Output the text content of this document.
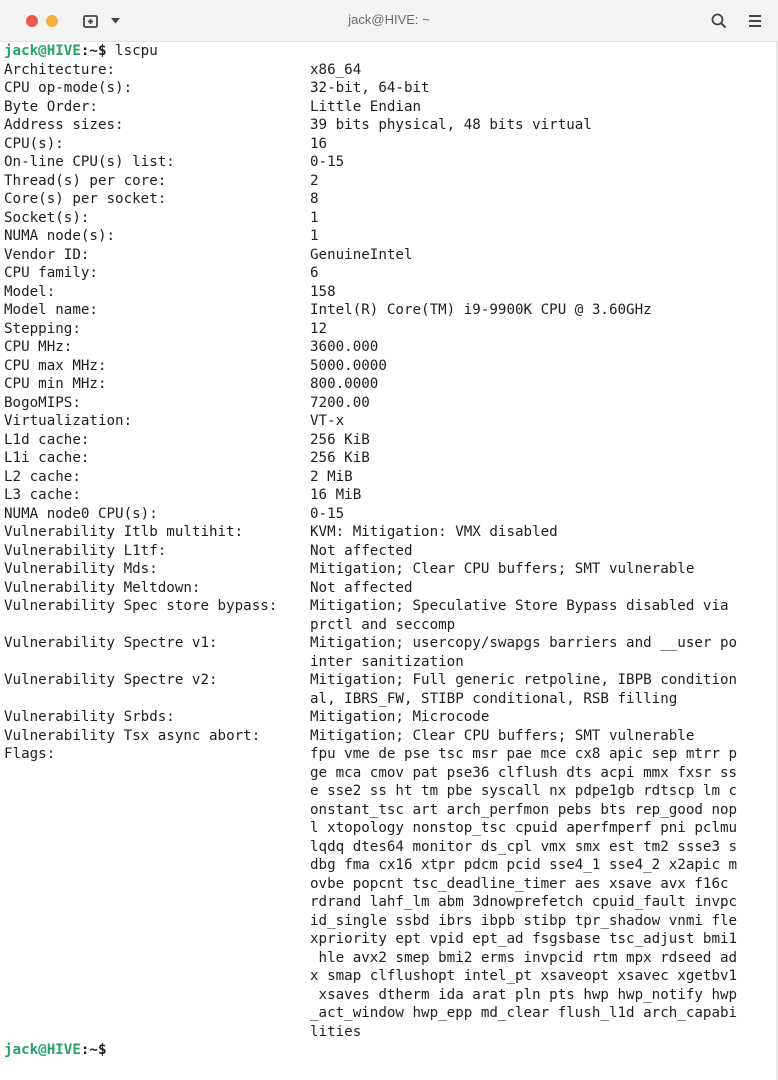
jack@HIVE: ~
jack@HIVE:~$ lscpu
Architecture:	x86_64
CPU op-mode(s):	32-bit, 64-bit
Byte Order:	Little Endian
Address sizes:	39 bits physical, 48 bits virtual
CPU(s):	16
On-line CPU(s) list:	0-15
Thread(s) per core:	2
Core(s) per socket:	8
Socket(s):	1
NUMA node(s):	1
Vendor ID:	GenuineIntel
CPU family:	6
Model:	158
Model name:	Intel(R) Core(TM) i9-9900K CPU @ 3.60GHz
Stepping:	12
CPU MHz:	3600.000
CPU max MHz:	5000.0000
CPU min MHz:	800.0000
BogoMIPS:	7200.00
Virtualization:	VT-x
L1d cache:	256 KiB
L1i cache:	256 KiB
L2 cache:	2 MiB
L3 cache:	16 MiB
NUMA node0 CPU(s):	0-15
Vulnerability Itlb multihit:	KVM: Mitigation: VMX disabled
Vulnerability L1tf:	Not affected
Vulnerability Mds:	Mitigation; Clear CPU buffers; SMT vulnerable
Vulnerability Meltdown:	Not affected
Vulnerability Spec store bypass:	Mitigation; Speculative Store Bypass disabled via
prctl and seccomp
Vulnerability Spectre v1:	Mitigation; usercopy/swapgs barriers and __user po
inter sanitization
Vulnerability Spectre v2:	Mitigation; Full generic retpoline, IBPB condition
al, IBRS_FW, STIBP conditional, RSB filling
Vulnerability Srbds:	Mitigation; Microcode
Vulnerability Tsx async abort:	Mitigation; Clear CPU buffers; SMT vulnerable
Flags:	fpu vme de pse tsc msr pae mce cx8 apic sep mtrr p
ge mca cmov pat pse36 clflush dts acpi mmx fxsr ss
e sse2 ss ht tm pbe syscall nx pdpe1gb rdtscp lm c
onstant_tsc art arch_perfmon pebs bts rep_good nop
l xtopology nonstop_tsc cpuid aperfmperf pni pclmu
lqdq dtes64 monitor ds_cpl vmx smx est tm2 ssse3 s
dbg fma cx16 xtpr pdcm pcid sse4_1 sse4_2 x2apic m
ovbe popcnt tsc_deadline_timer aes xsave avx f16c
rdrand lahf_lm abm 3dnowprefetch cpuid_fault invpc
id_single ssbd ibrs ibpb stibp tpr_shadow vnmi fle
xpriority ept vpid ept_ad fsgsbase tsc_adjust bmi1
hle avx2 smep bmi2 erms invpcid rtm mpx rdseed ad
x smap clflushopt intel_pt xsaveopt xsavec xgetbv1
xsaves dtherm ida arat pln pts hwp hwp_notify hwp
_act_window hwp_epp md_clear flush_l1d arch_capabi
lities
jack@HIVE:~$
